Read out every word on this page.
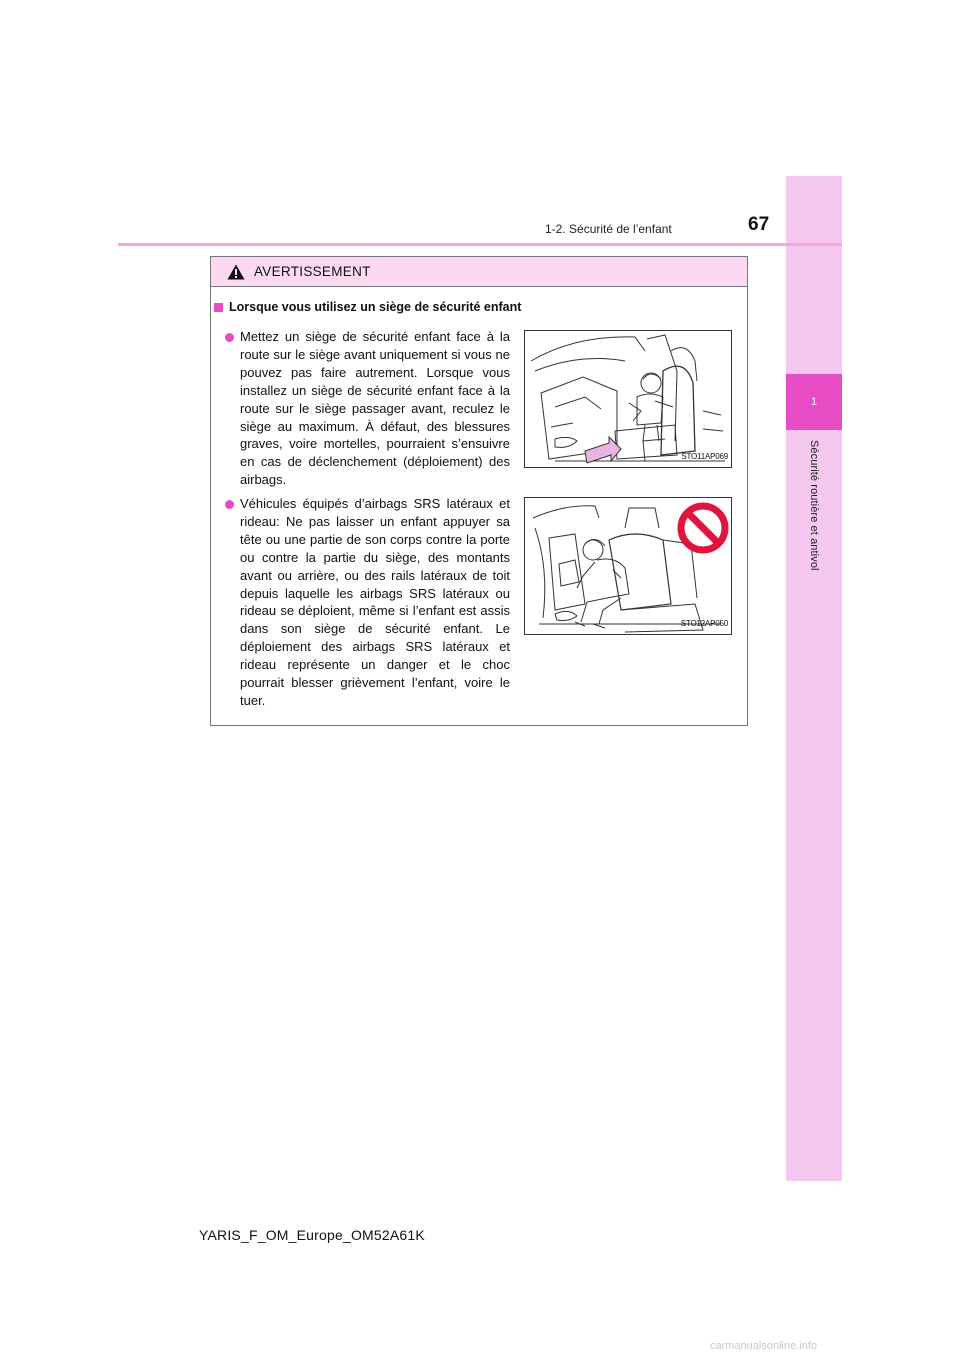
1
Sécurité routière et antivol
1-2. Sécurité de l’enfant	67
AVERTISSEMENT
Lorsque vous utilisez un siège de sécurité enfant
Mettez un siège de sécurité enfant face à la route sur le siège avant uniquement si vous ne pouvez pas faire autrement. Lorsque vous installez un siège de sécurité enfant face à la route sur le siège passager avant, reculez le siège au maximum. À défaut, des blessures graves, voire mortelles, pourraient s’ensuivre en cas de déclenchement (déploiement) des airbags.
Véhicules équipés d’airbags SRS latéraux et rideau: Ne pas laisser un enfant appuyer sa tête ou une partie de son corps contre la porte ou contre la partie du siège, des montants avant ou arrière, ou des rails latéraux de toit depuis laquelle les airbags SRS latéraux ou rideau se déploient, même si l’enfant est assis dans son siège de sécurité enfant. Le déploiement des airbags SRS latéraux et rideau représente un danger et le choc pourrait blesser grièvement l’enfant, voire le tuer.
STO11AP069
STO12AP050
YARIS_F_OM_Europe_OM52A61K
carmanualsonline.info
